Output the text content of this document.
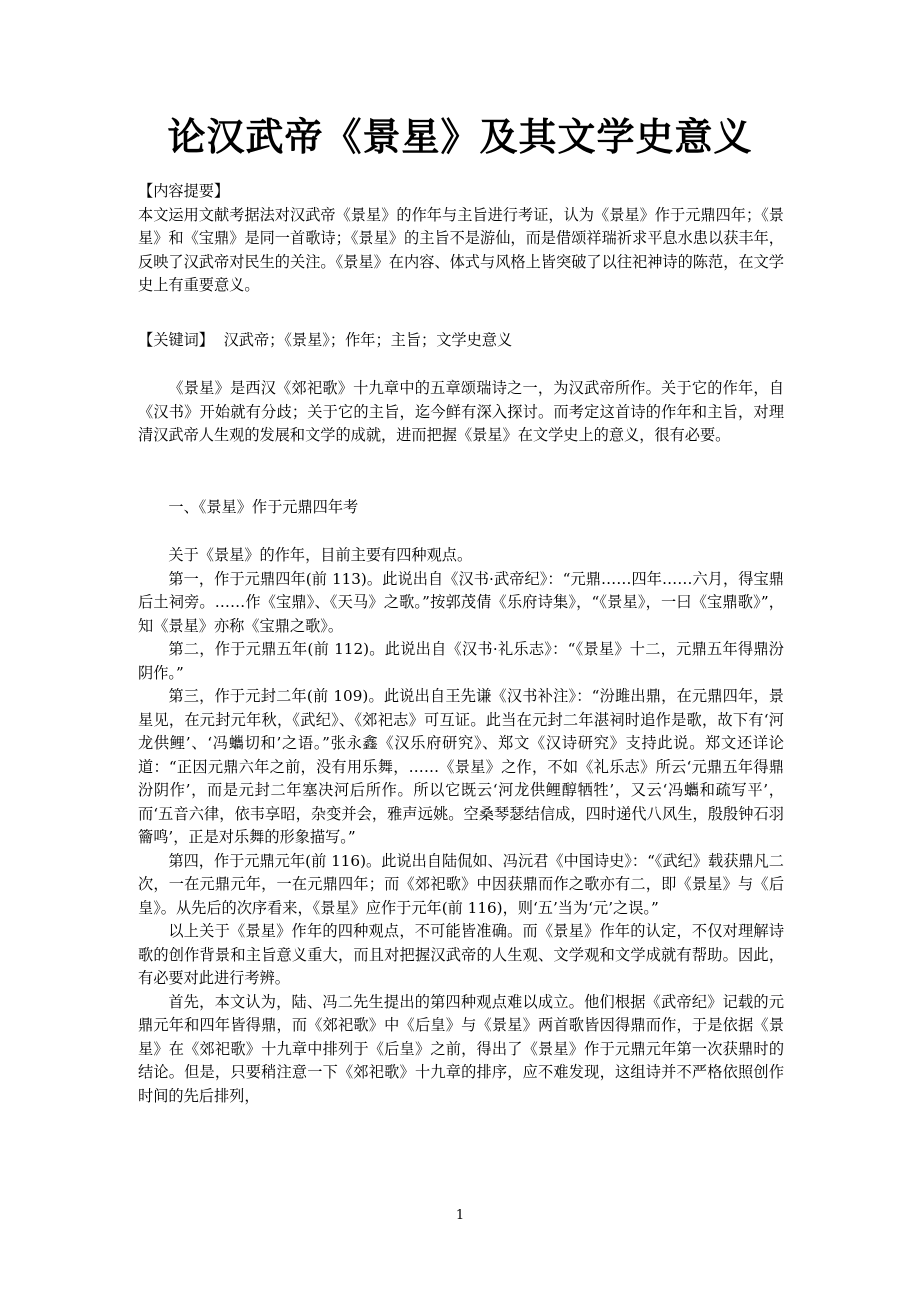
论汉武帝《景星》及其文学史意义

【内容提要】

本文运用文献考据法对汉武帝《景星》的作年与主旨进行考证，认为《景星》作于元鼎四年；《景星》和《宝鼎》是同一首歌诗；《景星》的主旨不是游仙，而是借颂祥瑞祈求平息水患以获丰年，反映了汉武帝对民生的关注。《景星》在内容、体式与风格上皆突破了以往祀神诗的陈范，在文学史上有重要意义。

【关键词】 汉武帝；《景星》；作年；主旨；文学史意义

《景星》是西汉《郊祀歌》十九章中的五章颂瑞诗之一，为汉武帝所作。关于它的作年，自《汉书》开始就有分歧；关于它的主旨，迄今鲜有深入探讨。而考定这首诗的作年和主旨，对理清汉武帝人生观的发展和文学的成就，进而把握《景星》在文学史上的意义，很有必要。

一、《景星》作于元鼎四年考

关于《景星》的作年，目前主要有四种观点。

第一，作于元鼎四年(前 113)。此说出自《汉书·武帝纪》：“元鼎……四年……六月，得宝鼎后土祠旁。……作《宝鼎》、《天马》之歌。”按郭茂倩《乐府诗集》，“《景星》，一曰《宝鼎歌》”，知《景星》亦称《宝鼎之歌》。

第二，作于元鼎五年(前 112)。此说出自《汉书·礼乐志》：“《景星》十二，元鼎五年得鼎汾阴作。”

第三，作于元封二年(前 109)。此说出自王先谦《汉书补注》：“汾雎出鼎，在元鼎四年，景星见，在元封元年秋，《武纪》、《郊祀志》可互证。此当在元封二年湛祠时追作是歌，故下有‘河龙供鲤’、‘冯蠵切和’之语。”张永鑫《汉乐府研究》、郑文《汉诗研究》支持此说。郑文还详论道：“正因元鼎六年之前，没有用乐舞，……《景星》之作，不如《礼乐志》所云‘元鼎五年得鼎汾阴作’，而是元封二年塞决河后所作。所以它既云‘河龙供鲤醇牺牲’，又云‘冯蠵和疏写平’，而‘五音六律，依韦享昭，杂变并会，雅声远姚。空桑琴瑟结信成，四时递代八风生，殷殷钟石羽籥鸣’，正是对乐舞的形象描写。”

第四，作于元鼎元年(前 116)。此说出自陆侃如、冯沅君《中国诗史》：“《武纪》载获鼎凡二次，一在元鼎元年，一在元鼎四年；而《郊祀歌》中因获鼎而作之歌亦有二，即《景星》与《后皇》。从先后的次序看来，《景星》应作于元年(前 116)，则‘五’当为‘元’之误。”

以上关于《景星》作年的四种观点，不可能皆准确。而《景星》作年的认定，不仅对理解诗歌的创作背景和主旨意义重大，而且对把握汉武帝的人生观、文学观和文学成就有帮助。因此，有必要对此进行考辨。

首先，本文认为，陆、冯二先生提出的第四种观点难以成立。他们根据《武帝纪》记载的元鼎元年和四年皆得鼎，而《郊祀歌》中《后皇》与《景星》两首歌皆因得鼎而作，于是依据《景星》在《郊祀歌》十九章中排列于《后皇》之前，得出了《景星》作于元鼎元年第一次获鼎时的结论。但是，只要稍注意一下《郊祀歌》十九章的排序，应不难发现，这组诗并不严格依照创作时间的先后排列，

1
